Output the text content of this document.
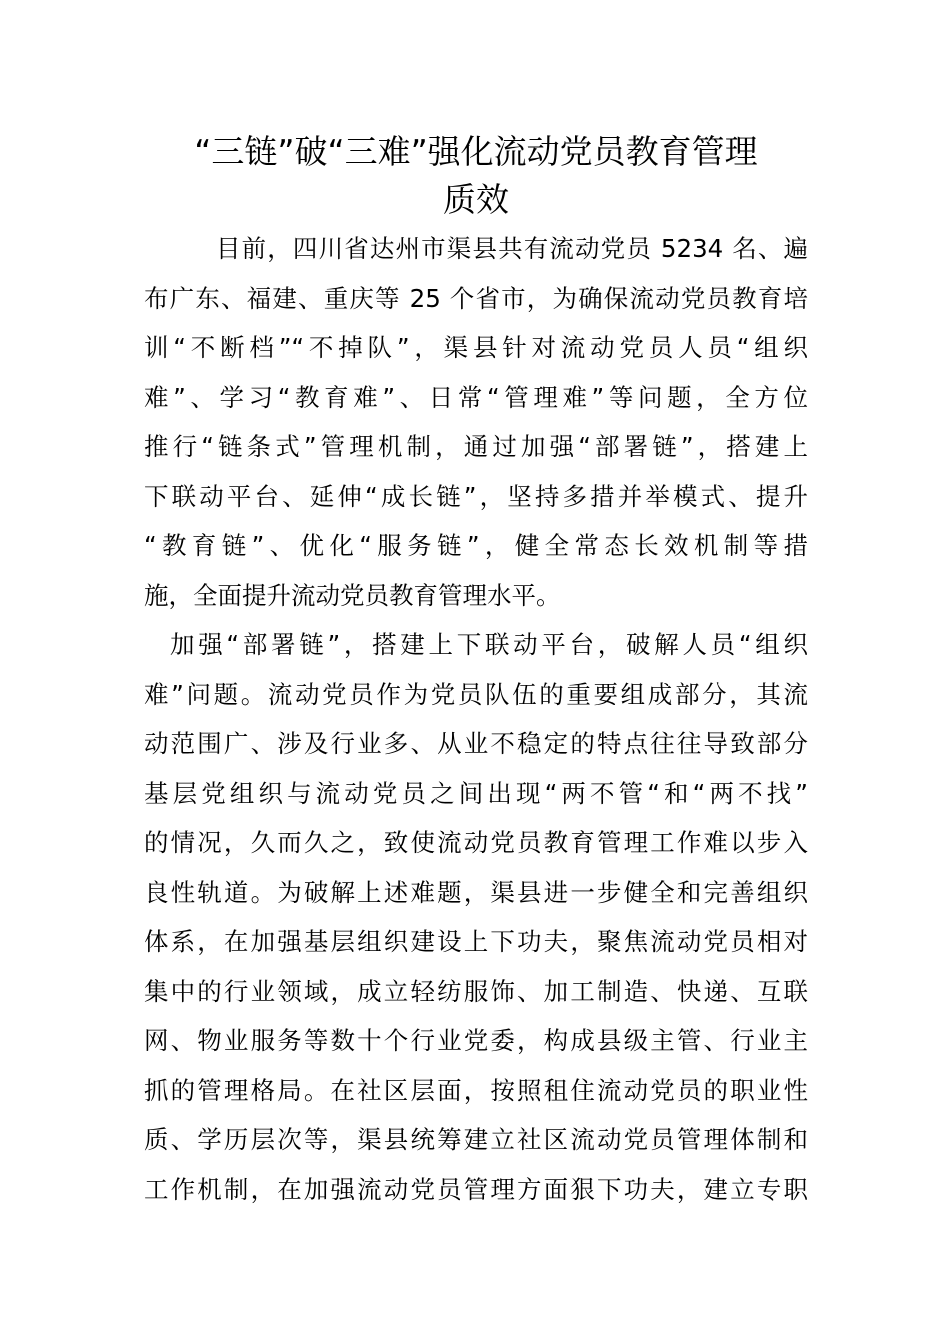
“三链”破“三难”强化流动党员教育管理
质效
目前，四川省达州市渠县共有流动党员 5234 名、遍
布广东、福建、重庆等 25 个省市，为确保流动党员教育培
训“不断档”“不掉队”，渠县针对流动党员人员“组织
难”、学习“教育难”、日常“管理难”等问题，全方位
推行“链条式”管理机制，通过加强“部署链”，搭建上
下联动平台、延伸“成长链”，坚持多措并举模式、提升
“教育链”、优化“服务链”，健全常态长效机制等措
施，全面提升流动党员教育管理水平。
加强“部署链”，搭建上下联动平台，破解人员“组织
难”问题。流动党员作为党员队伍的重要组成部分，其流
动范围广、涉及行业多、从业不稳定的特点往往导致部分
基层党组织与流动党员之间出现“两不管“和“两不找”
的情况，久而久之，致使流动党员教育管理工作难以步入
良性轨道。为破解上述难题，渠县进一步健全和完善组织
体系，在加强基层组织建设上下功夫，聚焦流动党员相对
集中的行业领域，成立轻纺服饰、加工制造、快递、互联
网、物业服务等数十个行业党委，构成县级主管、行业主
抓的管理格局。在社区层面，按照租住流动党员的职业性
质、学历层次等，渠县统筹建立社区流动党员管理体制和
工作机制，在加强流动党员管理方面狠下功夫，建立专职
